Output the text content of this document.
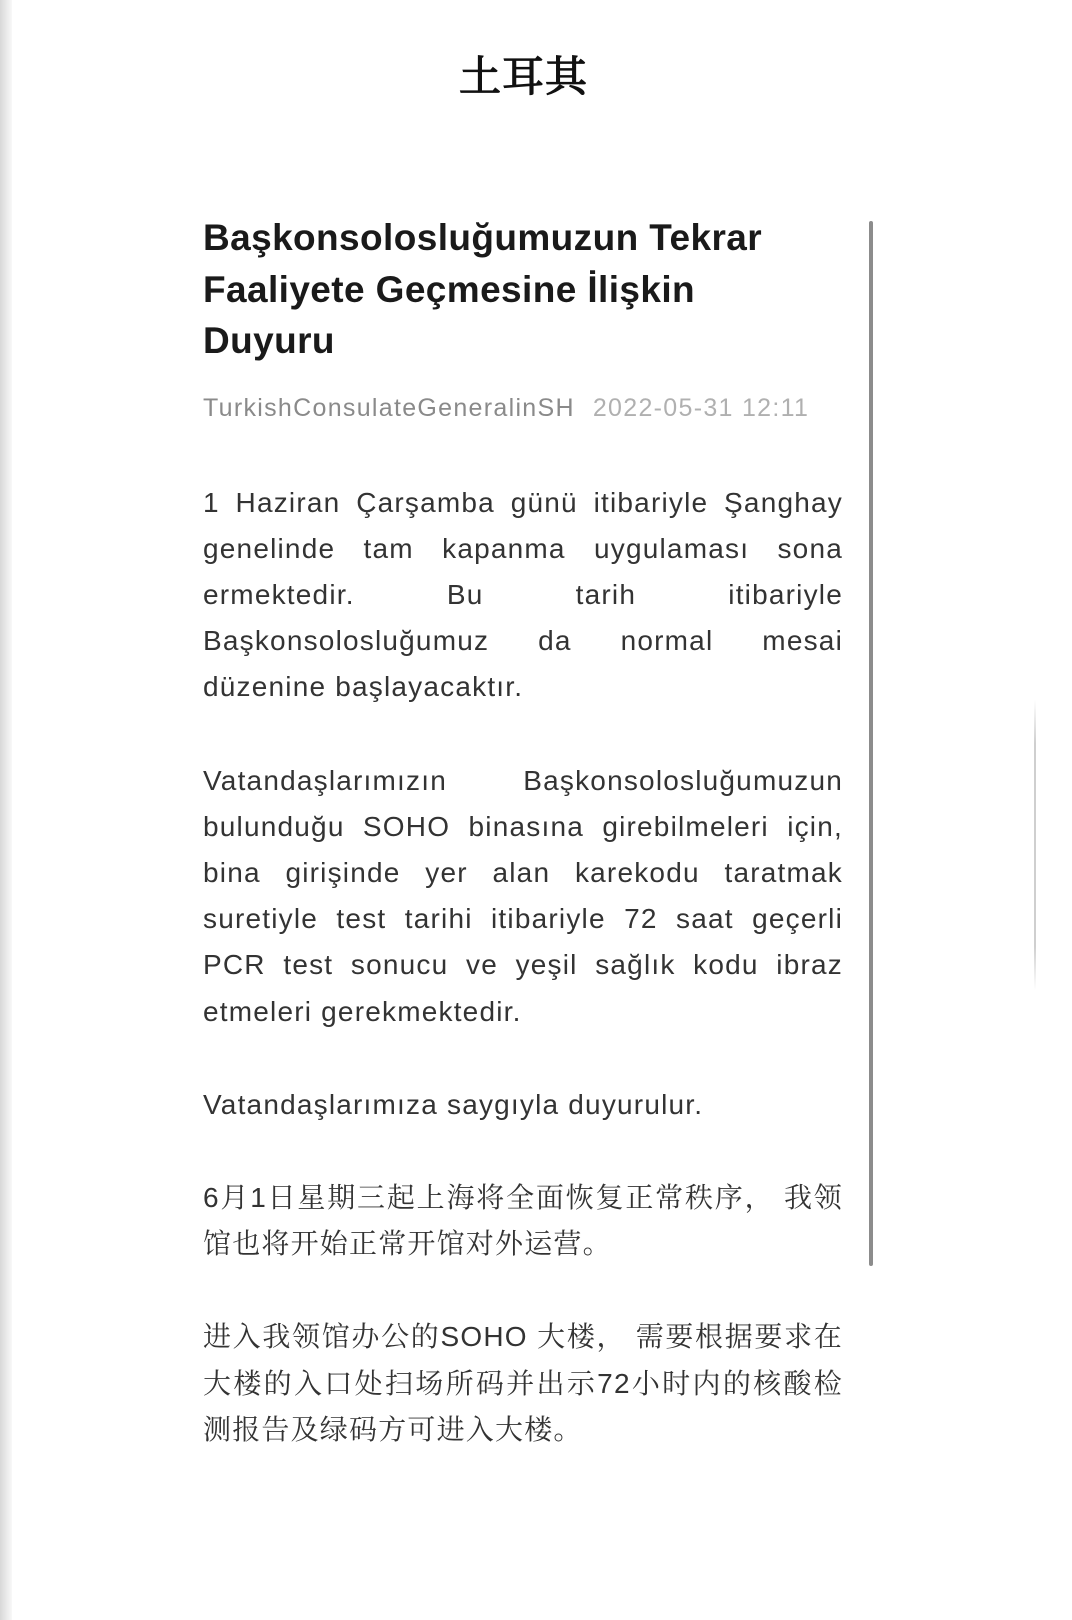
土耳其
Başkonsolosluğumuzun Tekrar Faaliyete Geçmesine İlişkin Duyuru
TurkishConsulateGeneralinSH 2022-05-31 12:11

1 Haziran Çarşamba günü itibariyle Şanghay genelinde tam kapanma uygulaması sona ermektedir. Bu tarih itibariyle Başkonsolosluğumuz da normal mesai düzenine başlayacaktır.

Vatandaşlarımızın Başkonsolosluğumuzun bulunduğu SOHO binasına girebilmeleri için, bina girişinde yer alan karekodu taratmak suretiyle test tarihi itibariyle 72 saat geçerli PCR test sonucu ve yeşil sağlık kodu ibraz etmeleri gerekmektedir.

Vatandaşlarımıza saygıyla duyurulur.

6月1日星期三起上海将全面恢复正常秩序， 我领馆也将开始正常开馆对外运营。

进入我领馆办公的SOHO 大楼， 需要根据要求在大楼的入口处扫场所码并出示72小时内的核酸检测报告及绿码方可进入大楼。
